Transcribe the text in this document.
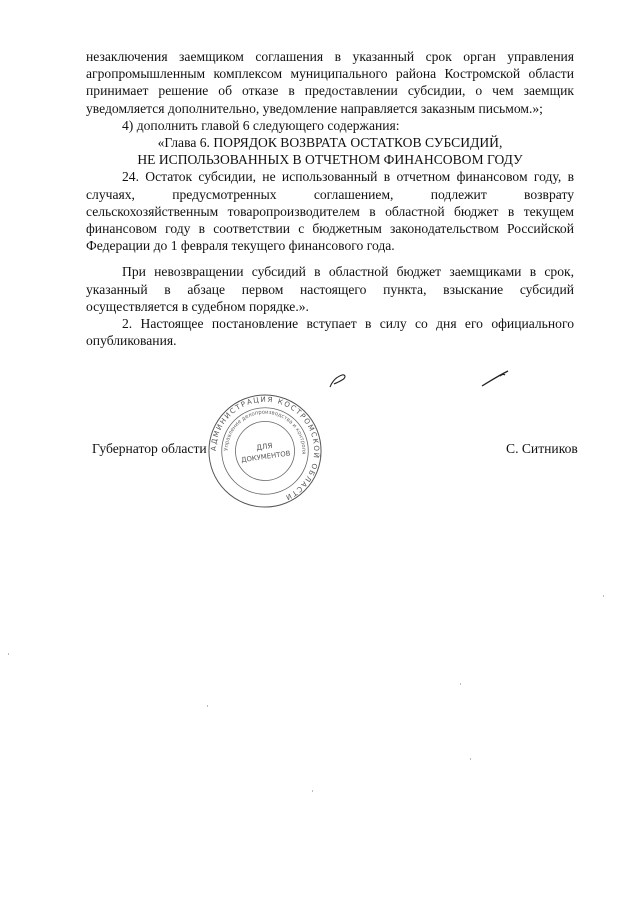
незаключения заемщиком соглашения в указанный срок орган управления агропромышленным комплексом муниципального района Костромской области принимает решение об отказе в предоставлении субсидии, о чем заемщик уведомляется дополнительно, уведомление направляется заказным письмом.»;

4) дополнить главой 6 следующего содержания:

«Глава 6. ПОРЯДОК ВОЗВРАТА ОСТАТКОВ СУБСИДИЙ,

НЕ ИСПОЛЬЗОВАННЫХ В ОТЧЕТНОМ ФИНАНСОВОМ ГОДУ

24. Остаток субсидии, не использованный в отчетном финансовом году, в случаях, предусмотренных соглашением, подлежит возврату сельскохозяйственным товаропроизводителем в областной бюджет в текущем финансовом году в соответствии с бюджетным законодательством Российской Федерации до 1 февраля текущего финансового года.

При невозвращении субсидий в областной бюджет заемщиками в срок, указанный в абзаце первом настоящего пункта, взыскание субсидий осуществляется в судебном порядке.».

2. Настоящее постановление вступает в силу со дня его официального опубликования.

АДМИНИСТРАЦИЯ КОСТРОМСКОЙ ОБЛАСТИ
Управление делопроизводства и контроля
ДЛЯ
ДОКУМЕНТОВ
Губернатор области	С. Ситников
